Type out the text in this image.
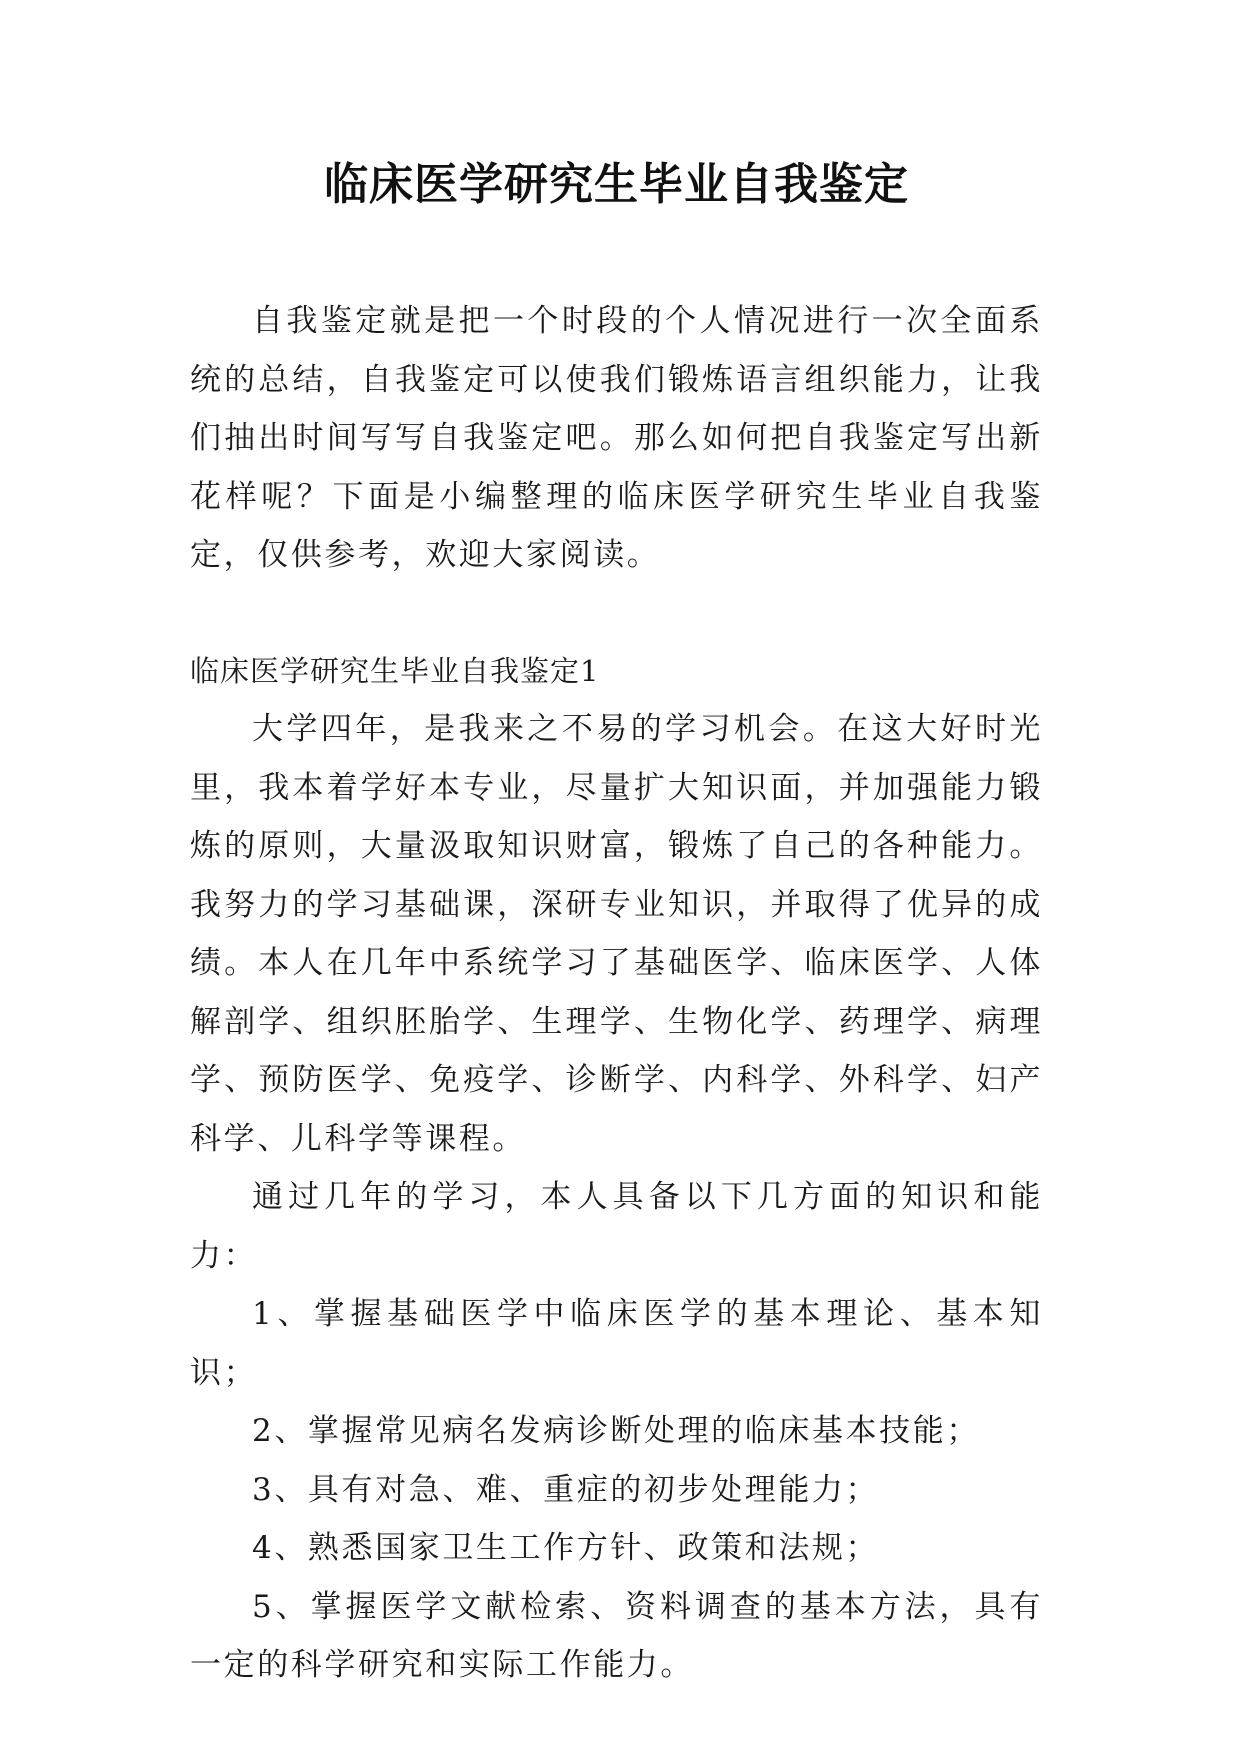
临床医学研究生毕业自我鉴定

自我鉴定就是把一个时段的个人情况进行一次全面系统的总结，自我鉴定可以使我们锻炼语言组织能力，让我们抽出时间写写自我鉴定吧。那么如何把自我鉴定写出新花样呢？下面是小编整理的临床医学研究生毕业自我鉴定，仅供参考，欢迎大家阅读。

临床医学研究生毕业自我鉴定1

大学四年，是我来之不易的学习机会。在这大好时光里，我本着学好本专业，尽量扩大知识面，并加强能力锻炼的原则，大量汲取知识财富，锻炼了自己的各种能力。我努力的学习基础课，深研专业知识，并取得了优异的成绩。本人在几年中系统学习了基础医学、临床医学、人体解剖学、组织胚胎学、生理学、生物化学、药理学、病理学、预防医学、免疫学、诊断学、内科学、外科学、妇产科学、儿科学等课程。

通过几年的学习，本人具备以下几方面的知识和能力：

1、掌握基础医学中临床医学的基本理论、基本知识；

2、掌握常见病名发病诊断处理的临床基本技能；

3、具有对急、难、重症的初步处理能力；

4、熟悉国家卫生工作方针、政策和法规；

5、掌握医学文献检索、资料调查的基本方法，具有一定的科学研究和实际工作能力。
